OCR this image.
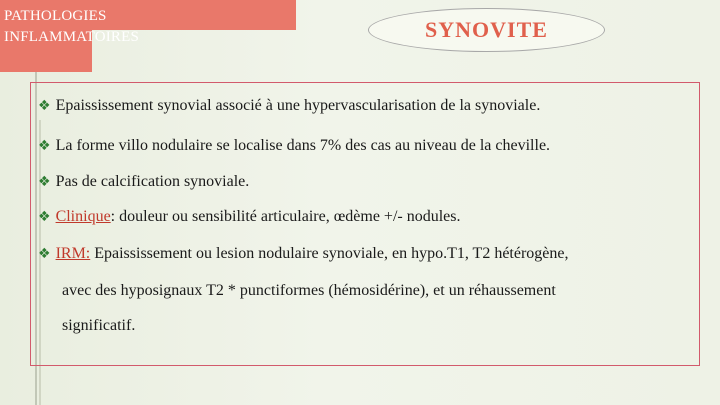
PATHOLOGIES
INFLAMMATOIRES	SYNOVITE
❖ Epaississement synovial associé à une hypervascularisation de la synoviale.
❖ La forme villo nodulaire se localise dans 7% des cas au niveau de la cheville.
❖ Pas de calcification synoviale.
❖ Clinique: douleur ou sensibilité articulaire, œdème +/- nodules.
❖ IRM: Epaississement ou lesion nodulaire synoviale, en hypo.T1, T2 hétérogène,
avec des hyposignaux T2 * punctiformes (hémosidérine), et un réhaussement
significatif.
